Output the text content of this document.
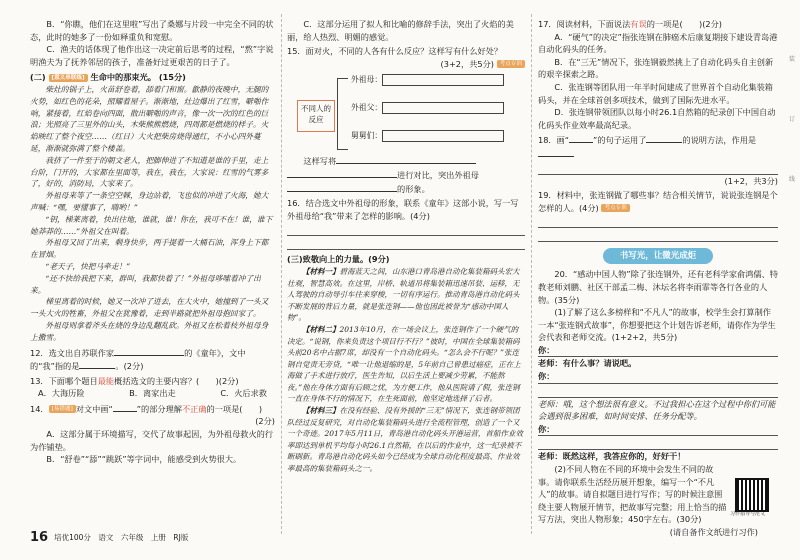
B．“你瞧，他们在这里啦”写出了桑娜与片段一中完全不同的状态，此时的她多了一份如释重负和宽慰。

C．渔夫的话体现了他作出这一决定前后思考的过程，“熬”字说明渔夫为了抚养邻居的孩子，准备好过更艰苦的日子了。

(二) [意义串联练] 生命中的那束光。 (15分)

柴灶的锅子上，火苗舒卷着，舔着门和窗。歙静的夜晚中，无腿的火势，如红色的花朵，照耀着屋子。渐渐地，灶边爆出了红雪，噼啪作响，紧接着，红焰卷向四面，散出噼啪的声音，像一次一次的红色的巨浪；光照亮了三里外的山头，木柴熊熊燃烧，四周都是燃烧的样子。火焰映红了整个夜空……（红日）大火把柴房烧得通红，不小心四外蔓延，渐渐就弥满了整个楼盖。

我挤了一件至于的朝文老人，把脚伸进了不知道是谁的手里，走上台阶，门开的，大家都在里面等，我在，我在，大家说：红雪的气雾多了，好的，消防局，大家来了。

外祖母来等了一条空空棘，身边站着，飞也似的冲进了火海，她大声喊：“嘿，要懂事了，嗨哟！”

“钥，梯莱离着，快出往地，谁就，谁！你在，我可不在！谁，谁下她莽莽的……”外祖父在叫着。

外祖母又回了出来，剩身快步，两手提着一大桶石油，浑身上下都在冒烟。

“老天子，快把马牵走！”

“还不快给我把下来，群叫，我都快着了！”外祖母哆嗦着冲了出来。

梯里离着的时候，她又一次冲了进去，在大火中，她撞到了一头又一头大火的牲畜，外祖父在犹豫着，走到半路就把外祖母抱回家了。

外祖母则拿着斧头在烧的身边乱翻乱砍。外祖又在松着枝外祖母身上撒雪。

12．选文出自苏联作家	的《童年》，文中的“我”指的是	。(2分)

13．下面哪个题目最能概括选文的主要内容？(　　)(2分)

A．大海历险	B．离家出走	C．火后求救

14． [易错题] 对文中画“	”的部分理解不正确的一项是(　　)

(2分)

A．这部分属于环境描写，交代了故事起因，为外祖母救火的行为作铺垫。

B．“舒卷”“舔”“跳跃”等字词中，能感受到火势很大。

C．这部分运用了拟人和比喻的修辞手法，突出了火焰的美丽，给人热烈、明媚的感觉。

15．面对火，不同的人各有什么反应？这样写有什么好处？

(3+2，共5分) 考点专训

不同人的反应
外祖母：
外祖父：
舅舅们：

这样写将

进行对比，突出外祖母

的形象。

16．结合选文中外祖母的形象，联系《童年》这部小说，写一写外祖母给“我”带来了怎样的影响。(4分)

(三)致敬向上的力量。(9分)

【材料一】碧海蓝天之间，山东港口青岛港自动化集装箱码头宏大壮观，智慧高效。在这里，岸桥、轨道吊将集装箱迅速吊装、运移，无人驾驶的自动导引车往来穿梭，一切有序运行。推动青岛港自动化码头不断发展的背后力量，就是张连钢——他也因此被誉为“感动中国人物”。

【材料二】2013年10月，在一场会议上，张连钢作了一个硬气的决定。“说钢，你来负责这个项目行不行？”彼时，中国在全球集装箱码头前20名中占据7席，却没有一个自动化码头。“怎么会不行呢？”张连钢自觉责无旁贷，“唯一让他退缩的是，5年前自己曾患过癌症，正在上海做了手术进行放疗，医生告知，以后生活上要减少劳累，不能熬夜。”他在身体方面有后顾之忧，为方便工作，他从医院请了假，张连钢一直在身体不行的情况下，在生死面前，他坚定地选择了后者。

【材料三】在没有经验、没有外援的“三无”情况下，张连钢带领团队经过反复研究，对自动化集装箱码头进行全流程管理，创造了一个又一个奇迹。2017年5月11日，青岛港自动化码头开港运营，首船作业效率即达到单机平均每小时26.1自然箱，在以后的作业中，这一纪录被不断刷新。青岛港自动化码头如今已经成为全球自动化程度最高、作业效率最高的集装箱码头之一。

17．阅读材料，下面说法有误的一项是(　　)(2分)

A．“硬气”的决定”指张连钢在肺癌术后康复期接下建设青岛港自动化码头的任务。

B．在“三无”情况下，张连钢毅然挑上了自动化码头自主创新的艰辛探索之路。

C．张连钢等团队用一年半时间建成了世界首个自动化集装箱码头，并在全球首创多项技术，做到了国际先进水平。

D．张连钢带领团队以每小时26.1自然箱的纪录创下中国自动化码头作业效率最高纪录。

18．画“	”的句子运用了	的说明方法，作用是

(1+2，共3分)

19．材料中，张连钢做了哪些事？结合相关情节，说说张连钢是个怎样的人。(4分) 考点专训

书写光，让微光成炬

20．“感动中国人物”除了张连钢外，还有老科学家俞鸿儒、特教老师刘鹏、社区干部孟二梅、沐坛名将李雨霏等各行各业的人物。(35分)

(1)了解了这么多榜样和“不凡人”的故事，校学生会打算制作一本“张连钢式故事”，你想要把这个计划告诉老师，请你作为学生会代表和老师交流。(1+2+2，共5分)

你：

老师：有什么事？请说吧。

你：

老师：哦，这个想法很有意义。不过我担心在这个过程中你们可能会遇到很多困难，如时间安排、任务分配等。

你：

老师：既然这样，我答应你的，好好干！

(2)不同人物在不同的环境中会发生不同的故事。请你联系生活经历展开想象，编写一个“不凡人”的故事。请自拟题目进行写作；写的时候注意围绕主要人物展开情节，把故事写完整；用上恰当的描写方法，突出人物形象；450字左右。(30分)

(请自备作文纸进行习作)

习作指导与范文
装
订
线
16 培优100分　语文　六年级　上册　RJ版
